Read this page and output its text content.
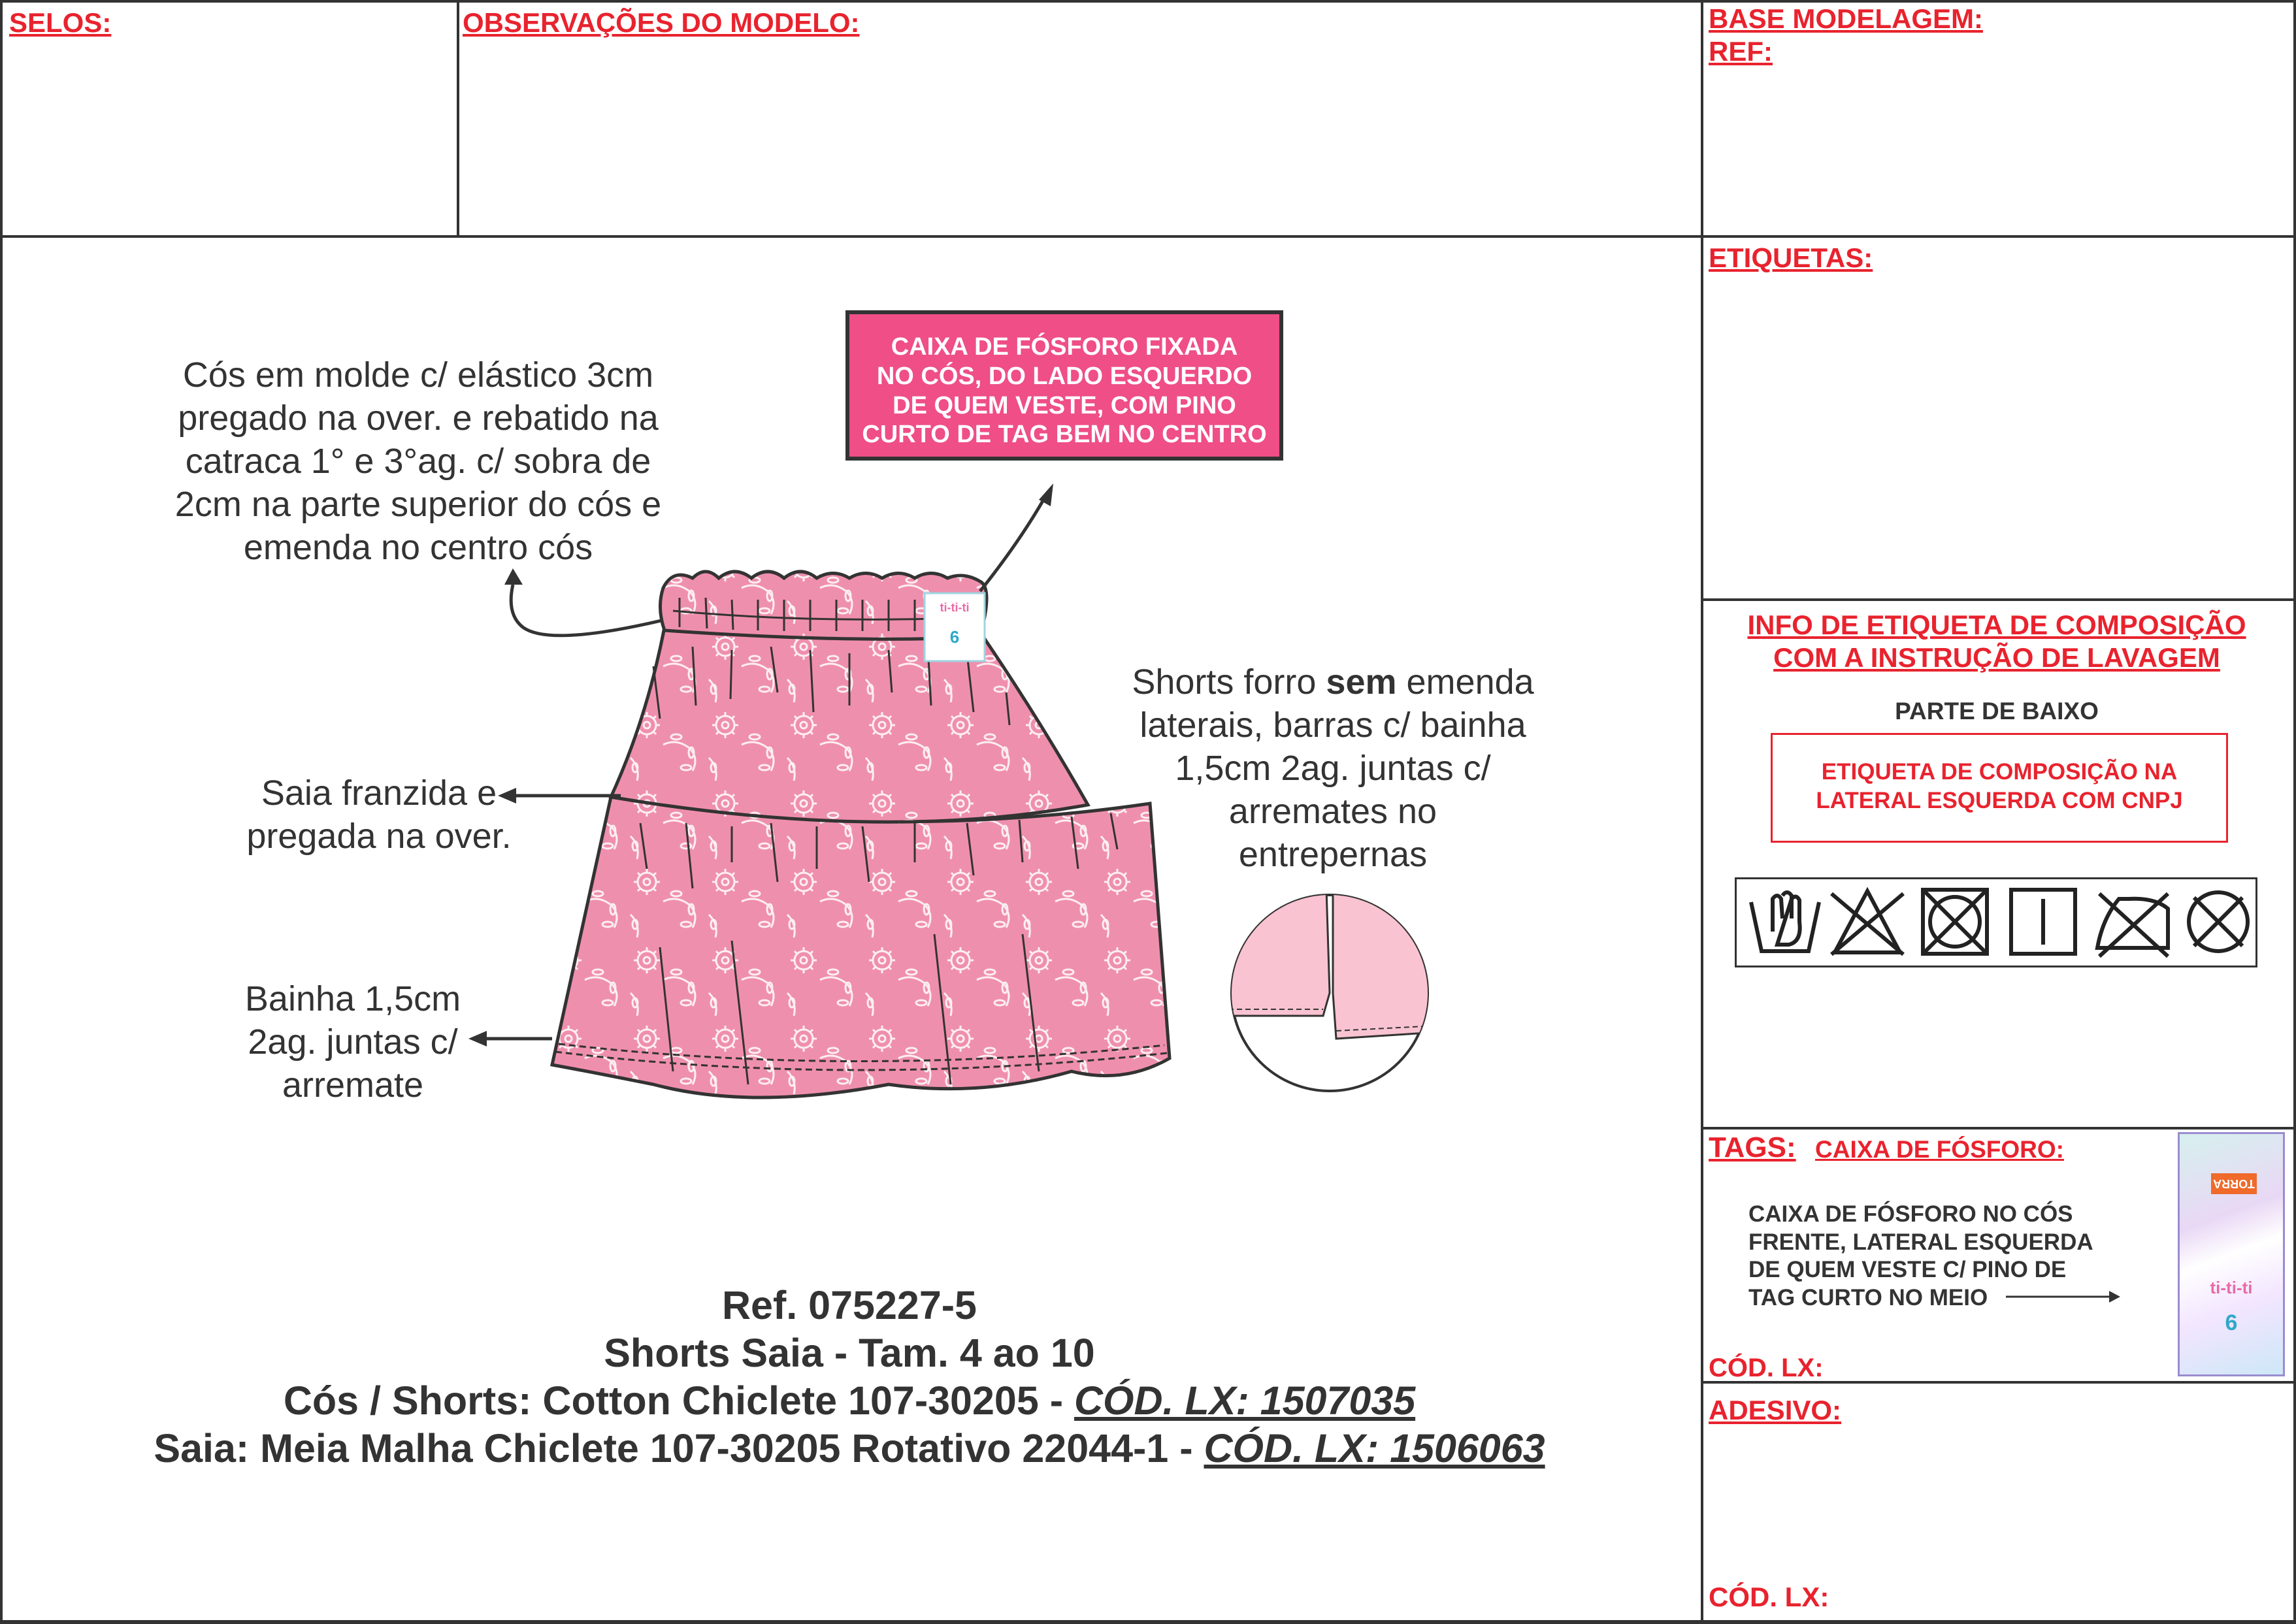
SELOS:	OBSERVAÇÕES DO MODELO:	BASE MODELAGEM:
REF:
ETIQUETAS:
INFO DE ETIQUETA DE COMPOSIÇÃO
COM A INSTRUÇÃO DE LAVAGEM
PARTE DE BAIXO
ETIQUETA DE COMPOSIÇÃO NA
LATERAL ESQUERDA COM CNPJ
TAGS: CAIXA DE FÓSFORO:
CAIXA DE FÓSFORO NO CÓS
FRENTE, LATERAL ESQUERDA
DE QUEM VESTE C/ PINO DE
TAG CURTO NO MEIO
TORRA
ti-ti-ti
6
CÓD. LX:
ADESIVO:
CÓD. LX:
CAIXA DE FÓSFORO FIXADA
NO CÓS, DO LADO ESQUERDO
DE QUEM VESTE, COM PINO
CURTO DE TAG BEM NO CENTRO
Cós em molde c/ elástico 3cm
pregado na over. e rebatido na
catraca 1° e 3°ag. c/ sobra de
2cm na parte superior do cós e
emenda no centro cós
Saia franzida e
pregada na over.
Bainha 1,5cm
2ag. juntas c/
arremate
Shorts forro sem emenda
laterais, barras c/ bainha
1,5cm 2ag. juntas c/
arremates no
entrepernas
ti-ti-ti
6
Ref. 075227-5
Shorts Saia - Tam. 4 ao 10
Cós / Shorts: Cotton Chiclete 107-30205 - CÓD. LX: 1507035
Saia: Meia Malha Chiclete 107-30205 Rotativo 22044-1 - CÓD. LX: 1506063
